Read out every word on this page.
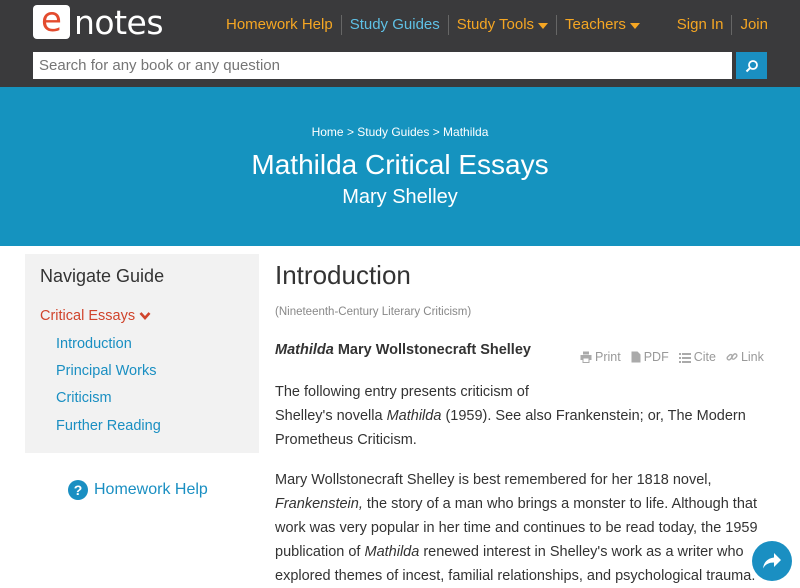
e notes	Homework Help Study Guides Study Tools Teachers	Sign In	Join
Search for any book or any question
Home > Study Guides > Mathilda
Mathilda Critical Essays
Mary Shelley
Navigate Guide
Critical Essays
Introduction
Principal Works
Criticism
Further Reading
? Homework Help
Introduction
(Nineteenth-Century Literary Criticism)
Mathilda Mary Wollstonecraft Shelley	Print PDF Cite Link
The following entry presents criticism of
Shelley's novella Mathilda (1959). See also Frankenstein; or, The Modern Prometheus Criticism.
Mary Wollstonecraft Shelley is best remembered for her 1818 novel, Frankenstein, the story of a man who brings a monster to life. Although that work was very popular in her time and continues to be read today, the 1959 publication of Mathilda renewed interest in Shelley's work as a writer who explored themes of incest, familial relationships, and psychological trauma.
